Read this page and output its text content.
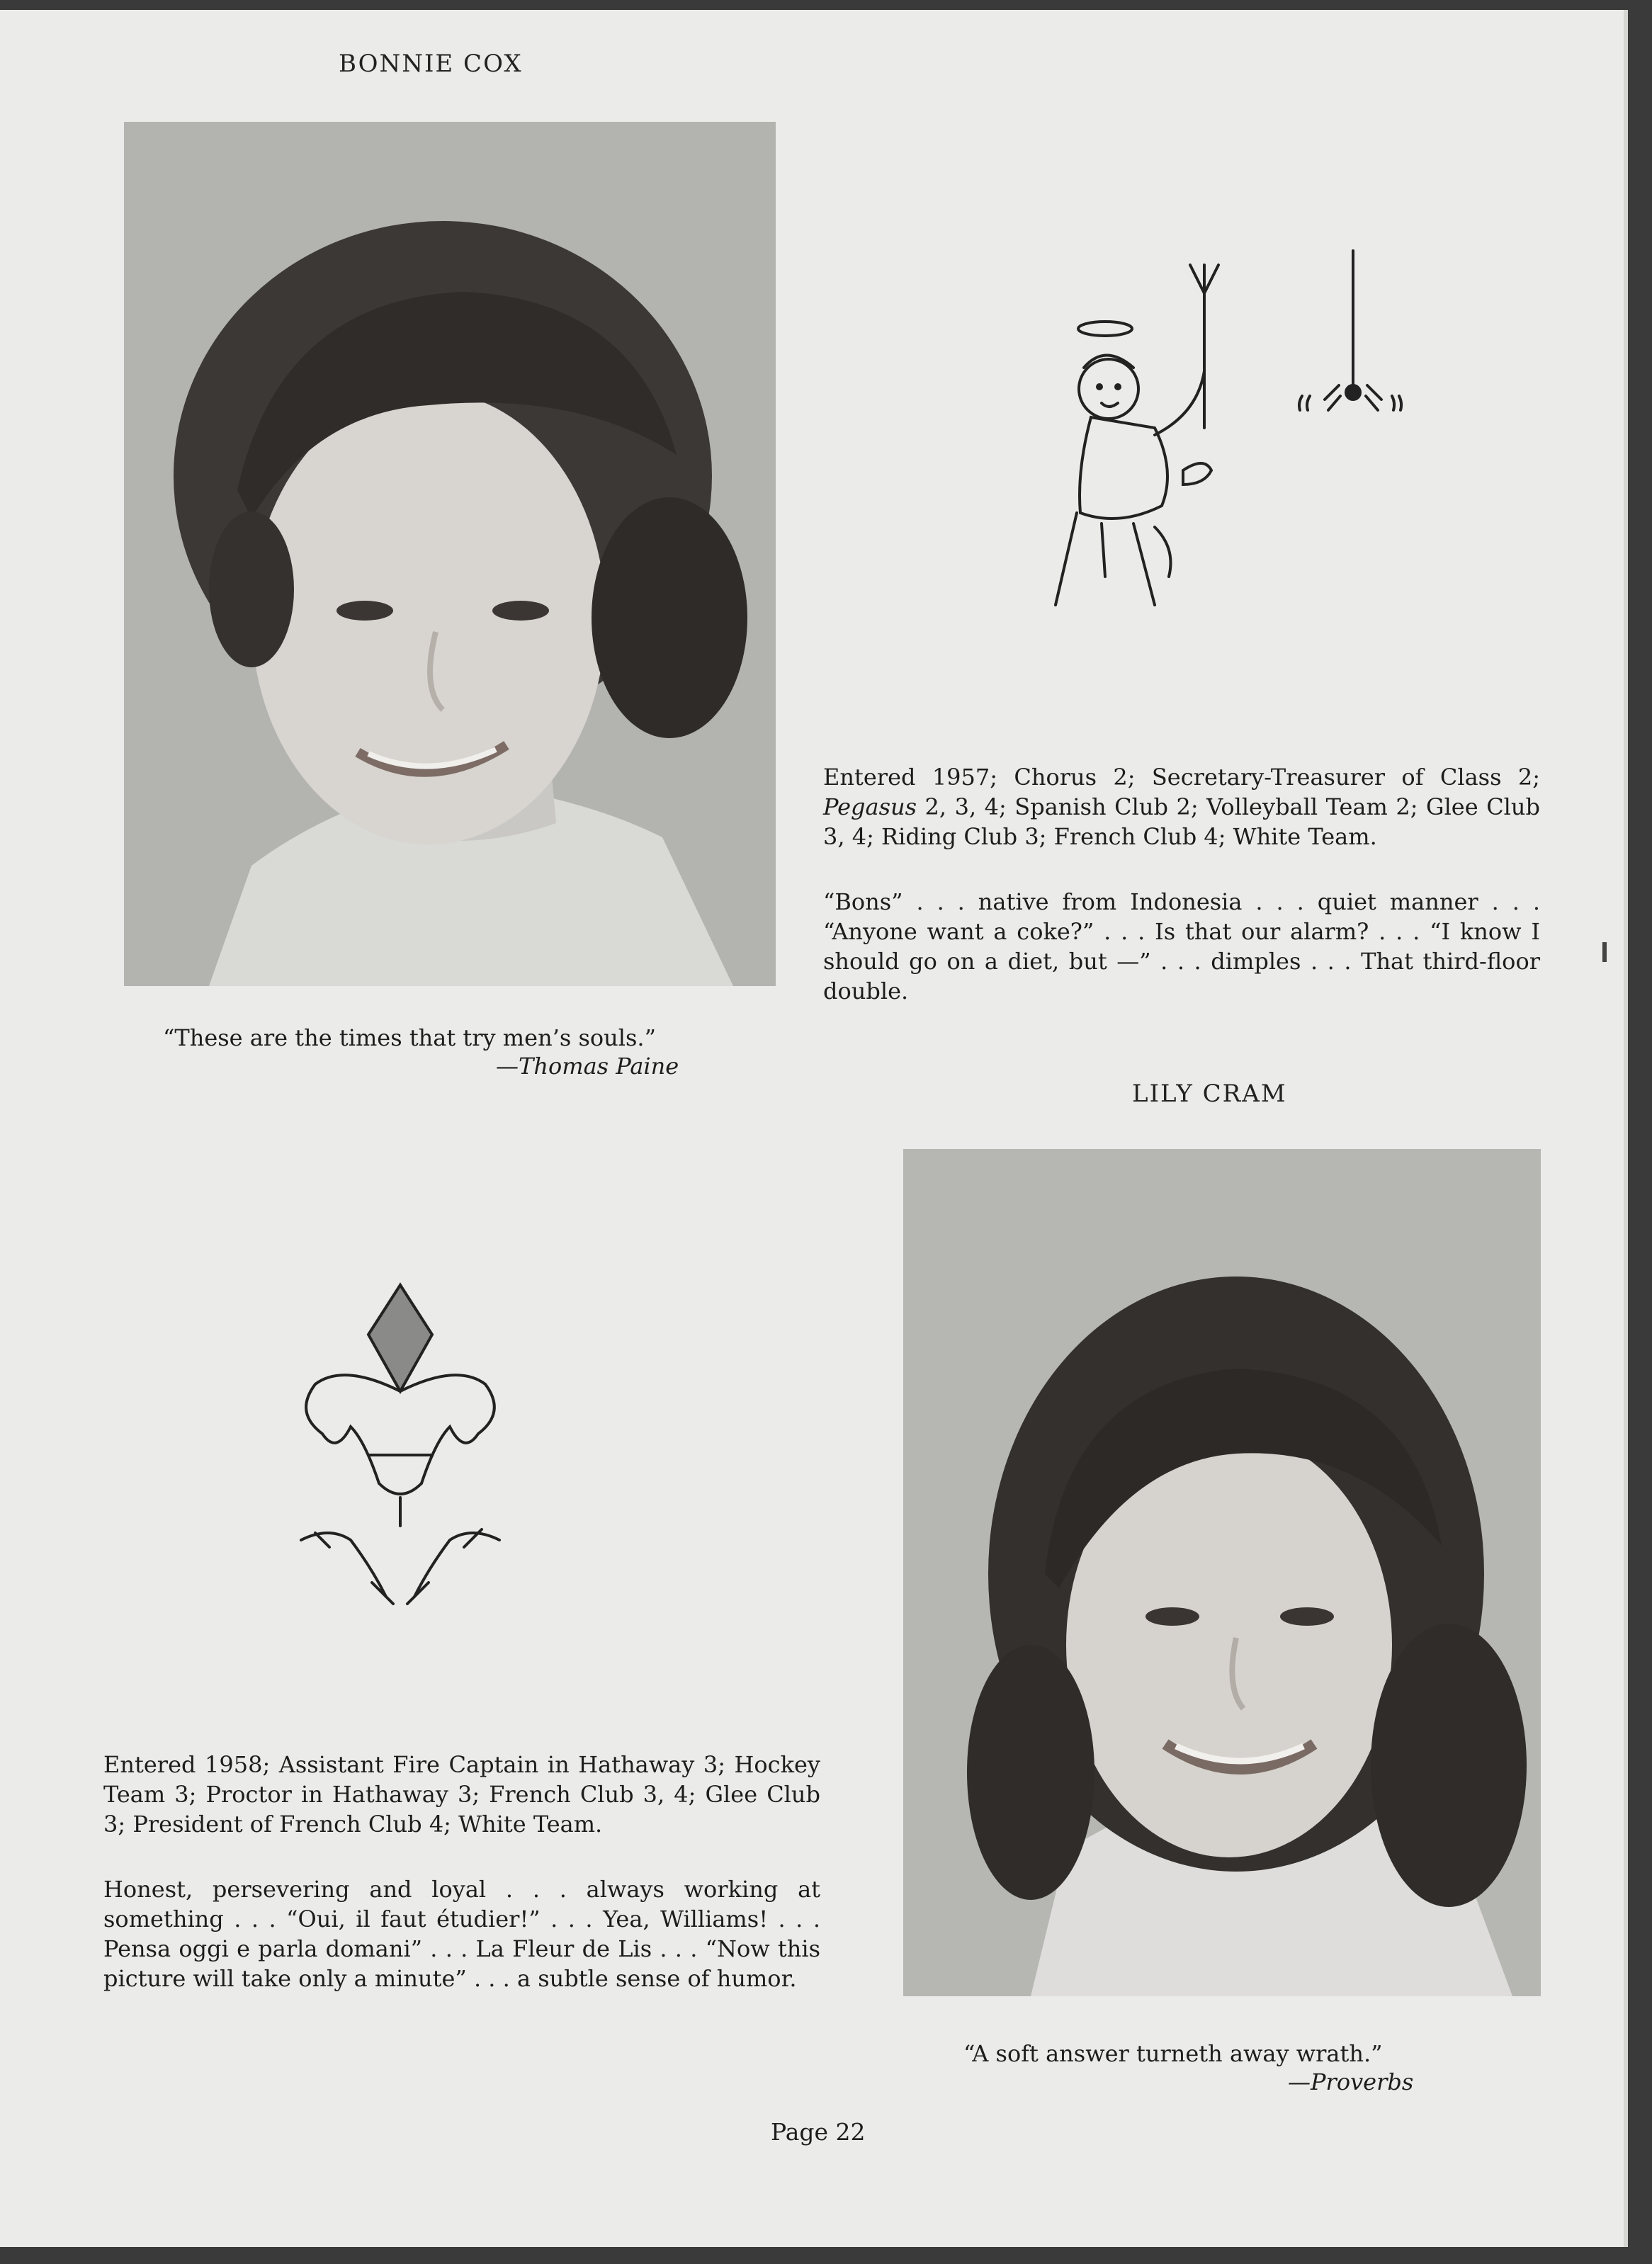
BONNIE COX
“These are the times that try men’s souls.”
—Thomas Paine

Entered 1957; Chorus 2; Secretary-Treasurer of Class 2; Pegasus 2, 3, 4; Spanish Club 2; Volleyball Team 2; Glee Club 3, 4; Riding Club 3; French Club 4; White Team.

“Bons” . . . native from Indonesia . . . quiet manner . . . “Anyone want a coke?” . . . Is that our alarm? . . . “I know I should go on a diet, but —” . . . dimples . . . That third-floor double.
LILY CRAM
Entered 1958; Assistant Fire Captain in Hathaway 3; Hockey Team 3; Proctor in Hathaway 3; French Club 3, 4; Glee Club 3; President of French Club 4; White Team.
Honest, persevering and loyal . . . always working at something . . . “Oui, il faut étudier!” . . . Yea, Williams! . . . Pensa oggi e parla domani” . . . La Fleur de Lis . . . “Now this picture will take only a minute” . . . a subtle sense of humor.
“A soft answer turneth away wrath.”
—Proverbs
Page 22
